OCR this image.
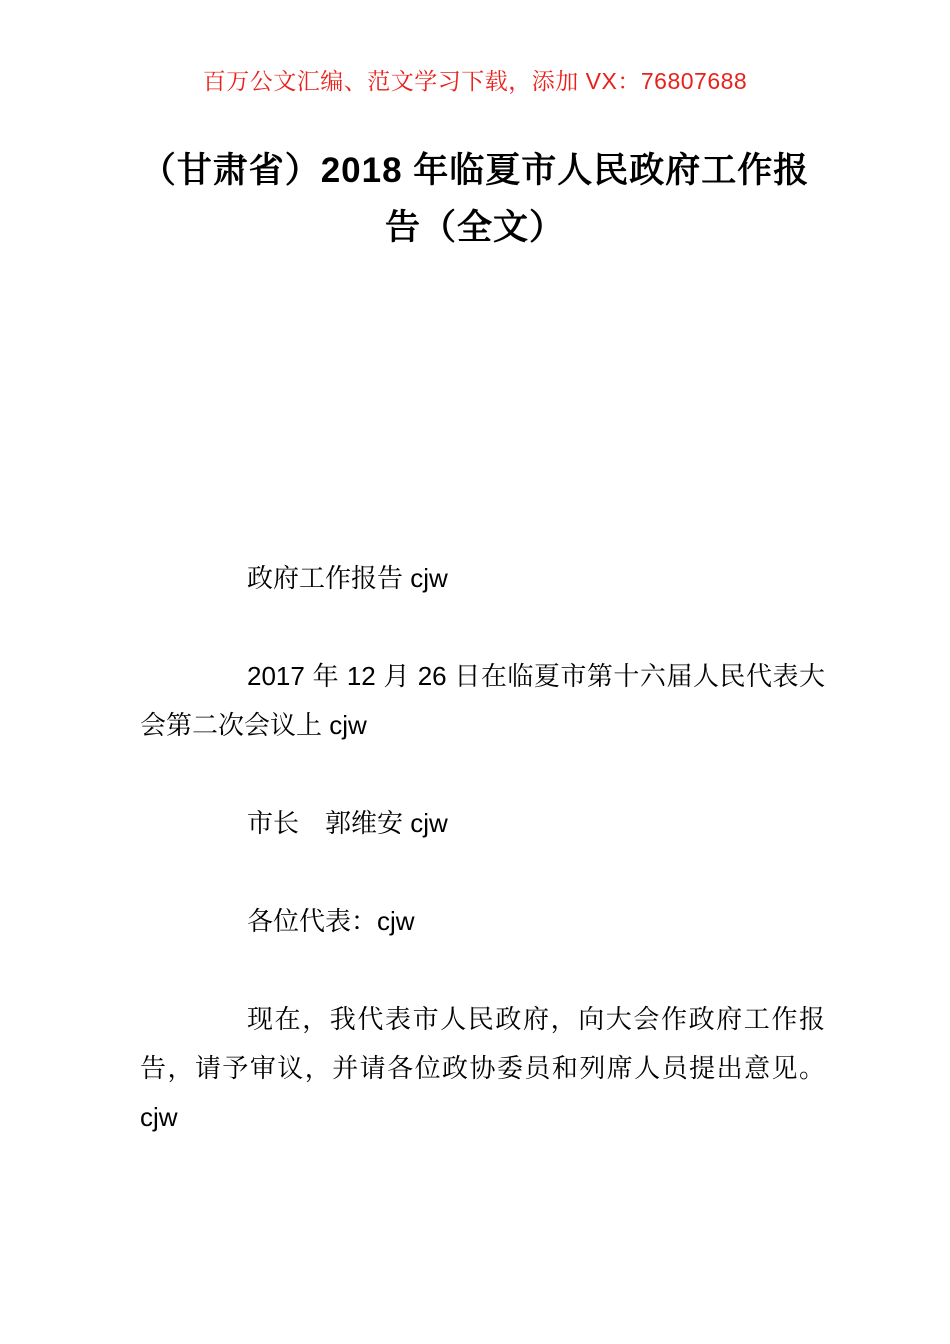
百万公文汇编、范文学习下载，添加 VX：76807688
（甘肃省）2018 年临夏市人民政府工作报告（全文）

政府工作报告 cjw

2017 年 12 月 26 日在临夏市第十六届人民代表大会第二次会议上 cjw

市长　郭维安 cjw

各位代表：cjw

现在，我代表市人民政府，向大会作政府工作报告，请予审议，并请各位政协委员和列席人员提出意见。cjw
